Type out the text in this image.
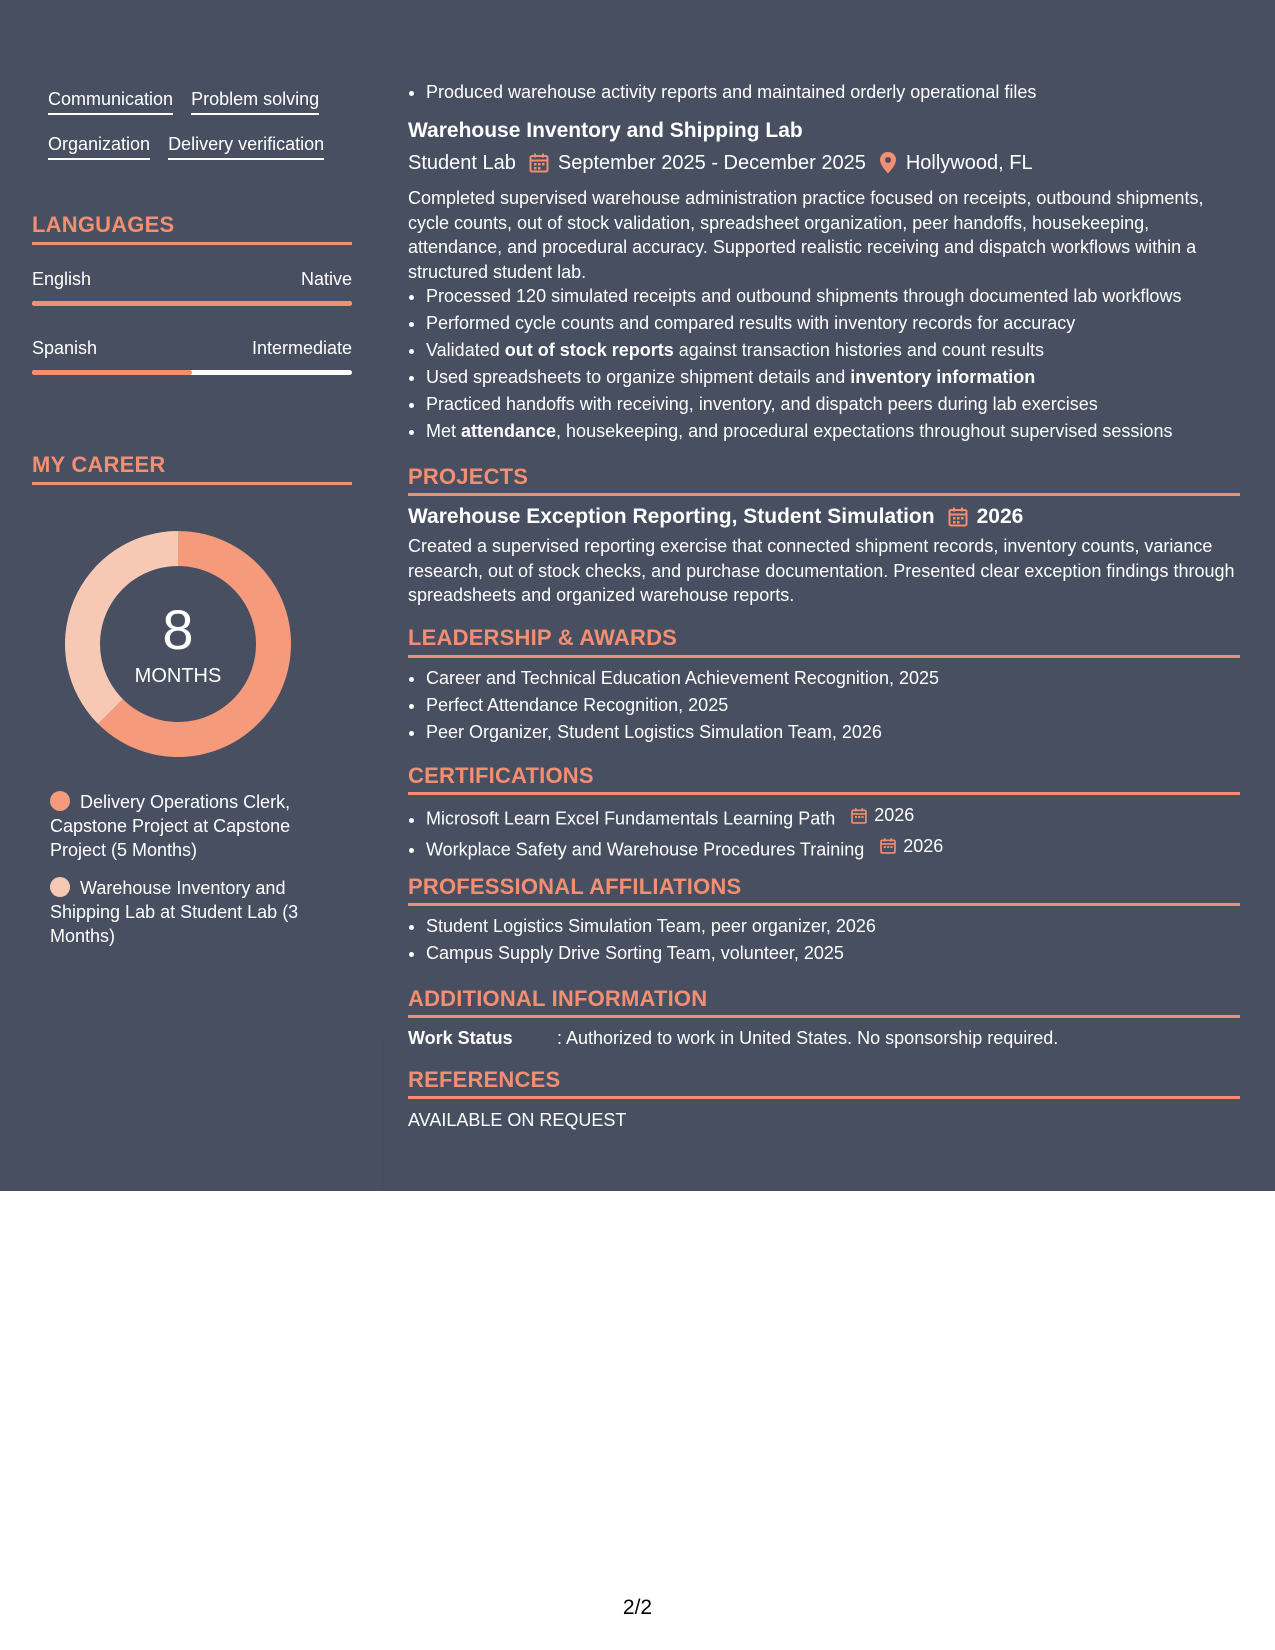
Communication Problem solving
Organization Delivery verification
LANGUAGES
English	Native
Spanish	Intermediate
MY CAREER
Delivery Operations Clerk, Capstone Project at Capstone Project (5 Months)
Warehouse Inventory and Shipping Lab at Student Lab (3 Months)
8
MONTHS
• Produced warehouse activity reports and maintained orderly operational files
Warehouse Inventory and Shipping Lab
Student Lab September 2025 - December 2025 Hollywood, FL
Completed supervised warehouse administration practice focused on receipts, outbound shipments, cycle counts, out of stock validation, spreadsheet organization, peer handoffs, housekeeping, attendance, and procedural accuracy. Supported realistic receiving and dispatch workflows within a structured student lab.
• Processed 120 simulated receipts and outbound shipments through documented lab workflows
• Performed cycle counts and compared results with inventory records for accuracy
• Validated out of stock reports against transaction histories and count results
• Used spreadsheets to organize shipment details and inventory information
• Practiced handoffs with receiving, inventory, and dispatch peers during lab exercises
• Met attendance, housekeeping, and procedural expectations throughout supervised sessions
PROJECTS
Warehouse Exception Reporting, Student Simulation 2026
Created a supervised reporting exercise that connected shipment records, inventory counts, variance research, out of stock checks, and purchase documentation. Presented clear exception findings through spreadsheets and organized warehouse reports.
LEADERSHIP & AWARDS
• Career and Technical Education Achievement Recognition, 2025
• Perfect Attendance Recognition, 2025
• Peer Organizer, Student Logistics Simulation Team, 2026
CERTIFICATIONS
• Microsoft Learn Excel Fundamentals Learning Path 2026
• Workplace Safety and Warehouse Procedures Training 2026
PROFESSIONAL AFFILIATIONS
• Student Logistics Simulation Team, peer organizer, 2026
• Campus Supply Drive Sorting Team, volunteer, 2025
ADDITIONAL INFORMATION
Work Status	: Authorized to work in United States. No sponsorship required.
REFERENCES
AVAILABLE ON REQUEST
2/2
